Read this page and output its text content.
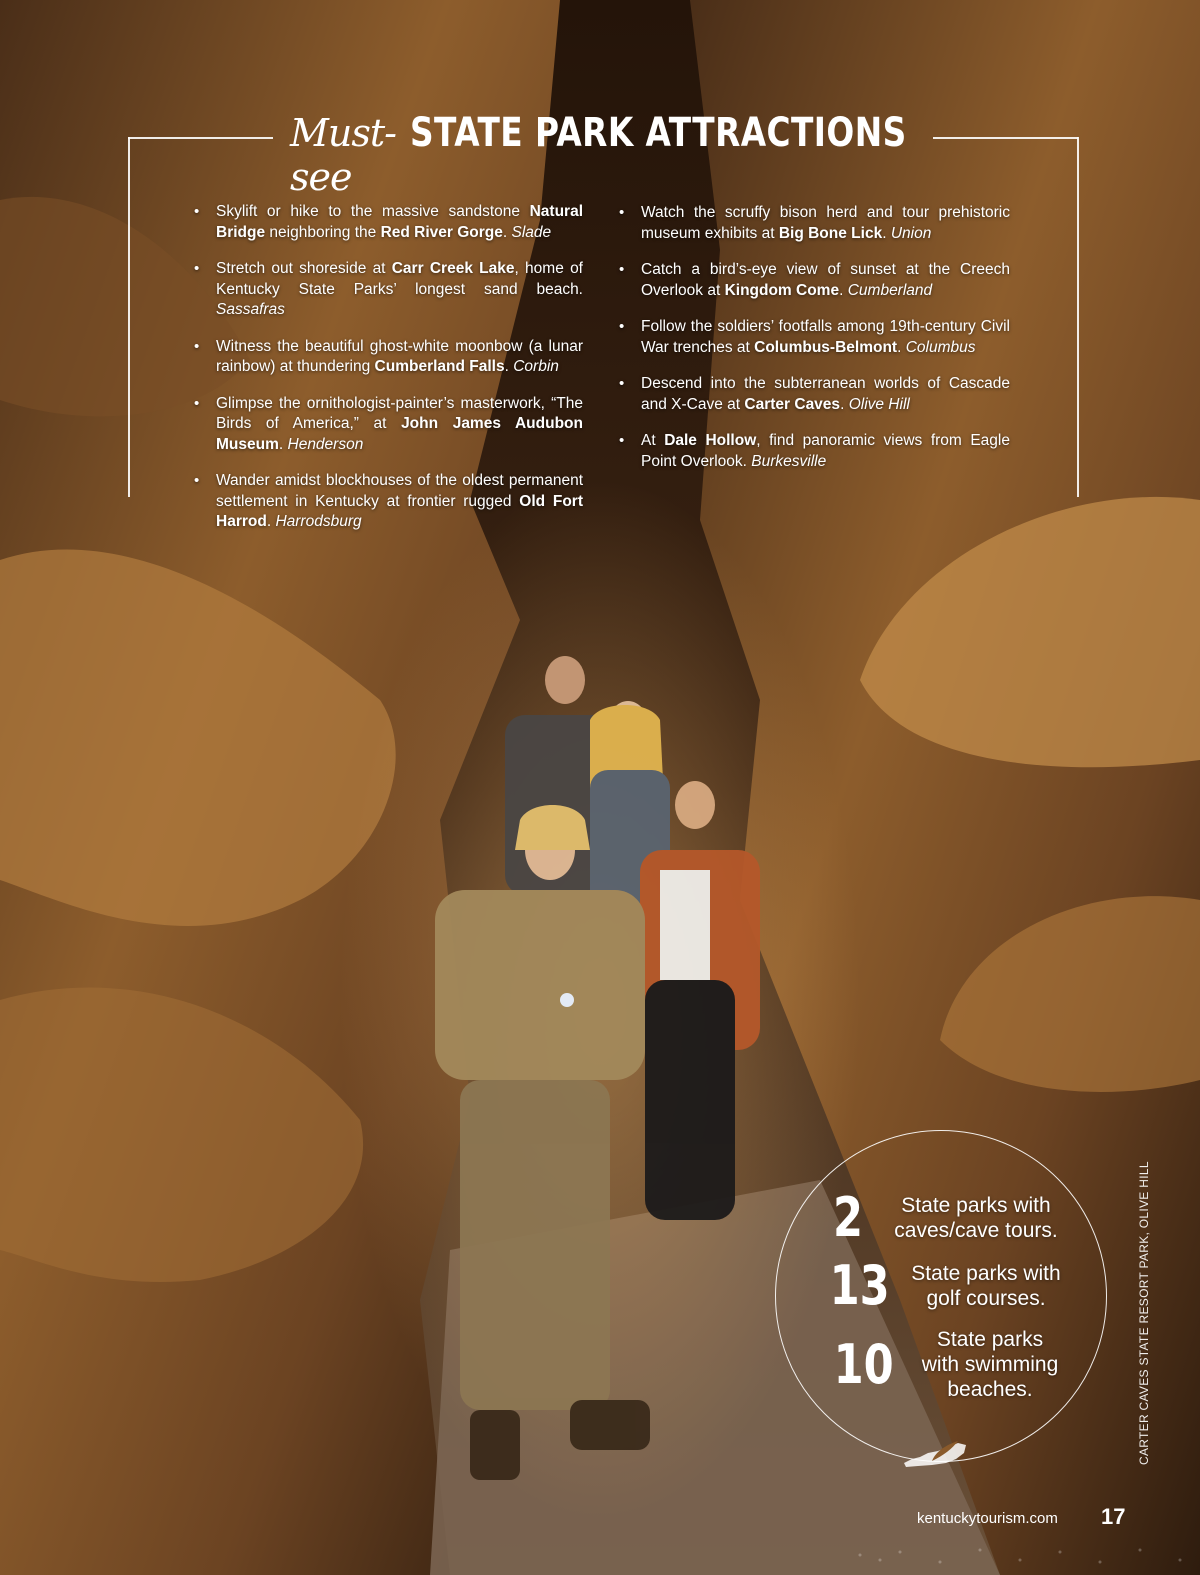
Must-see
STATE PARK ATTRACTIONS
• Skylift or hike to the massive sandstone Natural Bridge neighboring the Red River Gorge. Slade
• Stretch out shoreside at Carr Creek Lake, home of Kentucky State Parks’ longest sand beach. Sassafras
• Witness the beautiful ghost-white moonbow (a lunar rainbow) at thundering Cumberland Falls. Corbin
• Glimpse the ornithologist-painter’s masterwork, “The Birds of America,” at John James Audubon Museum. Henderson
• Wander amidst blockhouses of the oldest permanent settlement in Kentucky at frontier rugged Old Fort Harrod. Harrodsburg
• Watch the scruffy bison herd and tour prehistoric museum exhibits at Big Bone Lick. Union
• Catch a bird’s-eye view of sunset at the Creech Overlook at Kingdom Come. Cumberland
• Follow the soldiers’ footfalls among 19th-century Civil War trenches at Columbus-Belmont. Columbus
• Descend into the subterranean worlds of Cascade and X-Cave at Carter Caves. Olive Hill
• At Dale Hollow, find panoramic views from Eagle Point Overlook. Burkesville
2	State parks with
caves/cave tours.
13	State parks with
golf courses.
10	State parks
with swimming
beaches.	CARTER CAVES STATE RESORT PARK, OLIVE HILL
kentuckytourism.com 17
